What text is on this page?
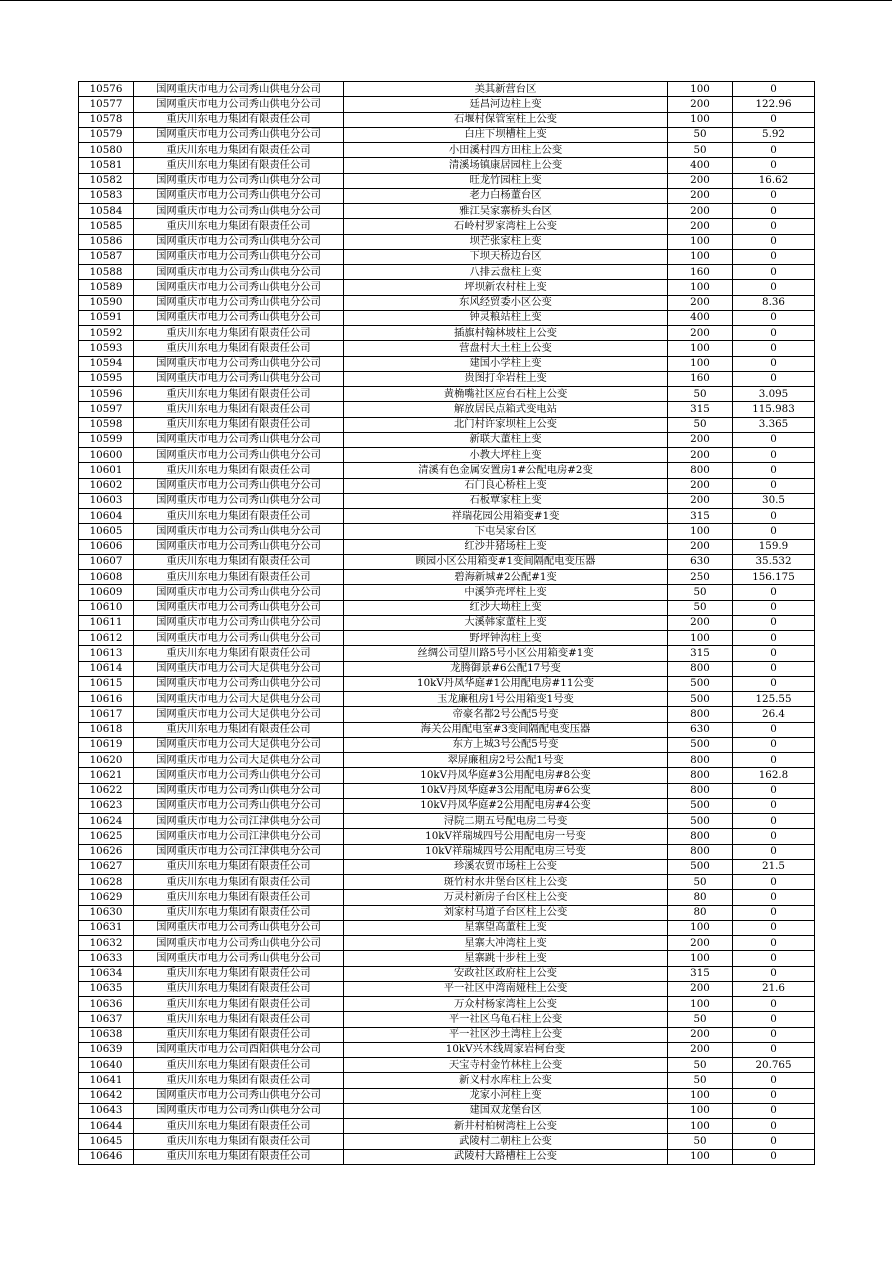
10576	国网重庆市电力公司秀山供电分公司	美其新营台区	100	0
10577	国网重庆市电力公司秀山供电分公司	廷昌河边柱上变	200	122.96
10578	重庆川东电力集团有限责任公司	石堰村保管室柱上公变	100	0
10579	国网重庆市电力公司秀山供电分公司	白庄下坝槽柱上变	50	5.92
10580	重庆川东电力集团有限责任公司	小田溪村四方田柱上公变	50	0
10581	重庆川东电力集团有限责任公司	清溪场镇康居园柱上公变	400	0
10582	国网重庆市电力公司秀山供电分公司	旺龙竹园柱上变	200	16.62
10583	国网重庆市电力公司秀山供电分公司	老力白杨董台区	200	0
10584	国网重庆市电力公司秀山供电分公司	雅江吴家寨桥头台区	200	0
10585	重庆川东电力集团有限责任公司	石岭村罗家湾柱上公变	200	0
10586	国网重庆市电力公司秀山供电分公司	坝芒张家柱上变	100	0
10587	国网重庆市电力公司秀山供电分公司	下坝天桥边台区	100	0
10588	国网重庆市电力公司秀山供电分公司	八排云盘柱上变	160	0
10589	国网重庆市电力公司秀山供电分公司	坪坝新农村柱上变	100	0
10590	国网重庆市电力公司秀山供电分公司	东风经贸委小区公变	200	8.36
10591	国网重庆市电力公司秀山供电分公司	钟灵粮站柱上变	400	0
10592	重庆川东电力集团有限责任公司	插旗村翰林坡柱上公变	200	0
10593	重庆川东电力集团有限责任公司	营盘村大土柱上公变	100	0
10594	国网重庆市电力公司秀山供电分公司	建国小学柱上变	100	0
10595	国网重庆市电力公司秀山供电分公司	贵图打伞岩柱上变	160	0
10596	重庆川东电力集团有限责任公司	黄桷嘴社区应台石柱上公变	50	3.095
10597	重庆川东电力集团有限责任公司	解放居民点箱式变电站	315	115.983
10598	重庆川东电力集团有限责任公司	北门村许家坝柱上公变	50	3.365
10599	国网重庆市电力公司秀山供电分公司	新联大董柱上变	200	0
10600	国网重庆市电力公司秀山供电分公司	小教大坪柱上变	200	0
10601	重庆川东电力集团有限责任公司	清溪有色金属安置房1#公配电房#2变	800	0
10602	国网重庆市电力公司秀山供电分公司	石门良心桥柱上变	200	0
10603	国网重庆市电力公司秀山供电分公司	石板覃家柱上变	200	30.5
10604	重庆川东电力集团有限责任公司	祥瑞花园公用箱变#1变	315	0
10605	国网重庆市电力公司秀山供电分公司	下屯吴家台区	100	0
10606	国网重庆市电力公司秀山供电分公司	红沙井猪场柱上变	200	159.9
10607	重庆川东电力集团有限责任公司	顾园小区公用箱变#1变间隔配电变压器	630	35.532
10608	重庆川东电力集团有限责任公司	碧海新城#2公配#1变	250	156.175
10609	国网重庆市电力公司秀山供电分公司	中溪笋壳坪柱上变	50	0
10610	国网重庆市电力公司秀山供电分公司	红沙大坳柱上变	50	0
10611	国网重庆市电力公司秀山供电分公司	大溪韩家董柱上变	200	0
10612	国网重庆市电力公司秀山供电分公司	野坪钟沟柱上变	100	0
10613	重庆川东电力集团有限责任公司	丝绸公司望川路5号小区公用箱变#1变	315	0
10614	国网重庆市电力公司大足供电分公司	龙腾御景#6公配17号变	800	0
10615	国网重庆市电力公司秀山供电分公司	10kV丹凤华庭#1公用配电房#11公变	500	0
10616	国网重庆市电力公司大足供电分公司	玉龙廉租房1号公用箱变1号变	500	125.55
10617	国网重庆市电力公司大足供电分公司	帝豪名都2号公配5号变	800	26.4
10618	重庆川东电力集团有限责任公司	海关公用配电室#3变间隔配电变压器	630	0
10619	国网重庆市电力公司大足供电分公司	东方上城3号公配5号变	500	0
10620	国网重庆市电力公司大足供电分公司	翠屏廉租房2号公配1号变	800	0
10621	国网重庆市电力公司秀山供电分公司	10kV丹凤华庭#3公用配电房#8公变	800	162.8
10622	国网重庆市电力公司秀山供电分公司	10kV丹凤华庭#3公用配电房#6公变	800	0
10623	国网重庆市电力公司秀山供电分公司	10kV丹凤华庭#2公用配电房#4公变	500	0
10624	国网重庆市电力公司江津供电分公司	浔院二期五号配电房二号变	500	0
10625	国网重庆市电力公司江津供电分公司	10kV祥瑞城四号公用配电房一号变	800	0
10626	国网重庆市电力公司江津供电分公司	10kV祥瑞城四号公用配电房三号变	800	0
10627	重庆川东电力集团有限责任公司	珍溪农贸市场柱上公变	500	21.5
10628	重庆川东电力集团有限责任公司	斑竹村水井堡台区柱上公变	50	0
10629	重庆川东电力集团有限责任公司	万灵村新房子台区柱上公变	80	0
10630	重庆川东电力集团有限责任公司	刘家村马道子台区柱上公变	80	0
10631	国网重庆市电力公司秀山供电分公司	星寨望高董柱上变	100	0
10632	国网重庆市电力公司秀山供电分公司	星寨大冲湾柱上变	200	0
10633	国网重庆市电力公司秀山供电分公司	星寨跳十步柱上变	100	0
10634	重庆川东电力集团有限责任公司	安政社区政府柱上公变	315	0
10635	重庆川东电力集团有限责任公司	平一社区中湾南娅柱上公变	200	21.6
10636	重庆川东电力集团有限责任公司	万众村杨家湾柱上公变	100	0
10637	重庆川东电力集团有限责任公司	平一社区乌龟石柱上公变	50	0
10638	重庆川东电力集团有限责任公司	平一社区沙土湾柱上公变	200	0
10639	国网重庆市电力公司酉阳供电分公司	10kV兴木线周家岩柯台变	200	0
10640	重庆川东电力集团有限责任公司	天宝寺村金竹林柱上公变	50	20.765
10641	重庆川东电力集团有限责任公司	新义村水库柱上公变	50	0
10642	国网重庆市电力公司秀山供电分公司	龙家小河柱上变	100	0
10643	国网重庆市电力公司秀山供电分公司	建国双龙堡台区	100	0
10644	重庆川东电力集团有限责任公司	新井村柏树湾柱上公变	100	0
10645	重庆川东电力集团有限责任公司	武陵村二朝柱上公变	50	0
10646	重庆川东电力集团有限责任公司	武陵村大路槽柱上公变	100	0
